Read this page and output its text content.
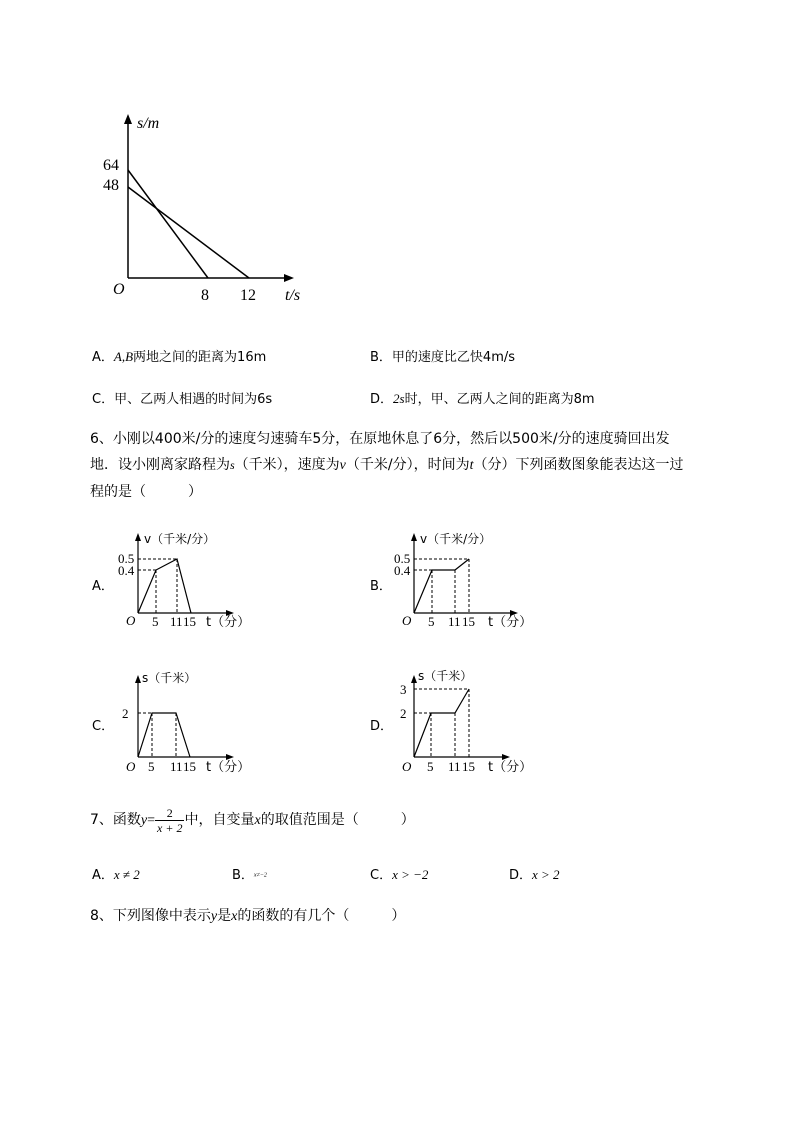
s/m
64
48
O	8 12 t/s
A．A,B两地之间的距离为16m	B．甲的速度比乙快4m/s
C．甲、乙两人相遇的时间为6s	D．2s时，甲、乙两人之间的距离为8m
6、小刚以400米/分的速度匀速骑车5分，在原地休息了6分，然后以500米/分的速度骑回出发
地．设小刚离家路程为s（千米），速度为v（千米/分），时间为t（分）下列函数图象能表达这一过
程的是（　　　）
A．
v（千米/分）
0.5
0.4
O 5 11 15 t（分）
B．
v（千米/分）
0.5
0.4
O 5 11 15 t（分）
C．
s（千米）
2
O 5 11 15 t（分）
D．
s（千米）
3
2
O 5 11 15 t（分）
7、函数$y= \frac{2}{x + 2}$ 中，自变量x的取值范围是（　　　）
A．x ≠ 2	B．x≠−2	C．x > −2	D．x > 2
8、下列图像中表示y是x的函数的有几个（　　　）
